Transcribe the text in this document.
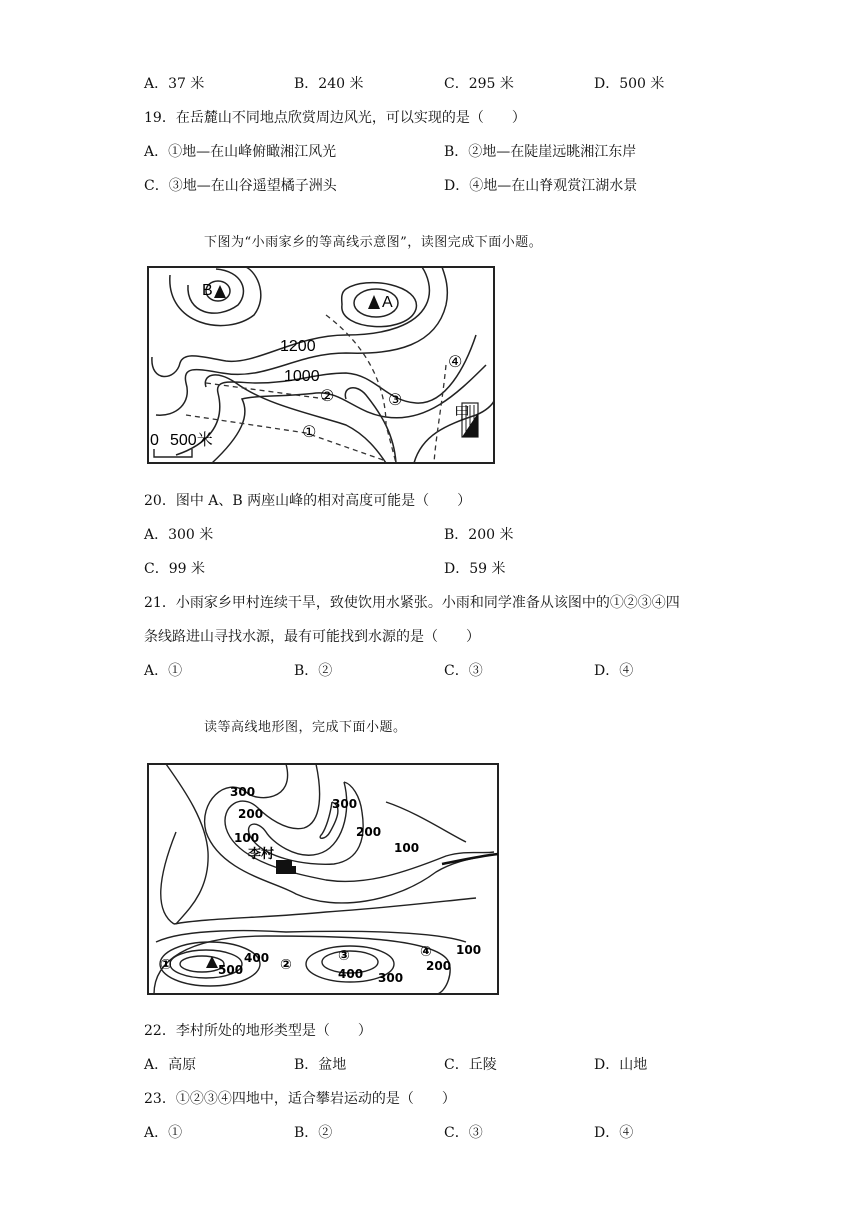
A．37 米	B．240 米	C．295 米	D．500 米
19．在岳麓山不同地点欣赏周边风光，可以实现的是（　　）
A．①地—在山峰俯瞰湘江风光	B．②地—在陡崖远眺湘江东岸
C．③地—在山谷遥望橘子洲头	D．④地—在山脊观赏江湖水景
下图为“小雨家乡的等高线示意图”，读图完成下面小题。
B
A
1200
1000
①
②	③
④
甲
0 500米
20．图中 A、B 两座山峰的相对高度可能是（　　）
A．300 米	B．200 米
C．99 米	D．59 米
21．小雨家乡甲村连续干旱，致使饮用水紧张。小雨和同学准备从该图中的①②③④四
条线路进山寻找水源，最有可能找到水源的是（　　）
A．①	B．②	C．③	D．④
读等高线地形图，完成下面小题。
300
200
100
300
200
100
李村
①	500
400 ②
③
400 300
④
200
100
22．李村所处的地形类型是（　　）
A．高原	B．盆地	C．丘陵	D．山地
23．①②③④四地中，适合攀岩运动的是（　　）
A．①	B．②	C．③	D．④
